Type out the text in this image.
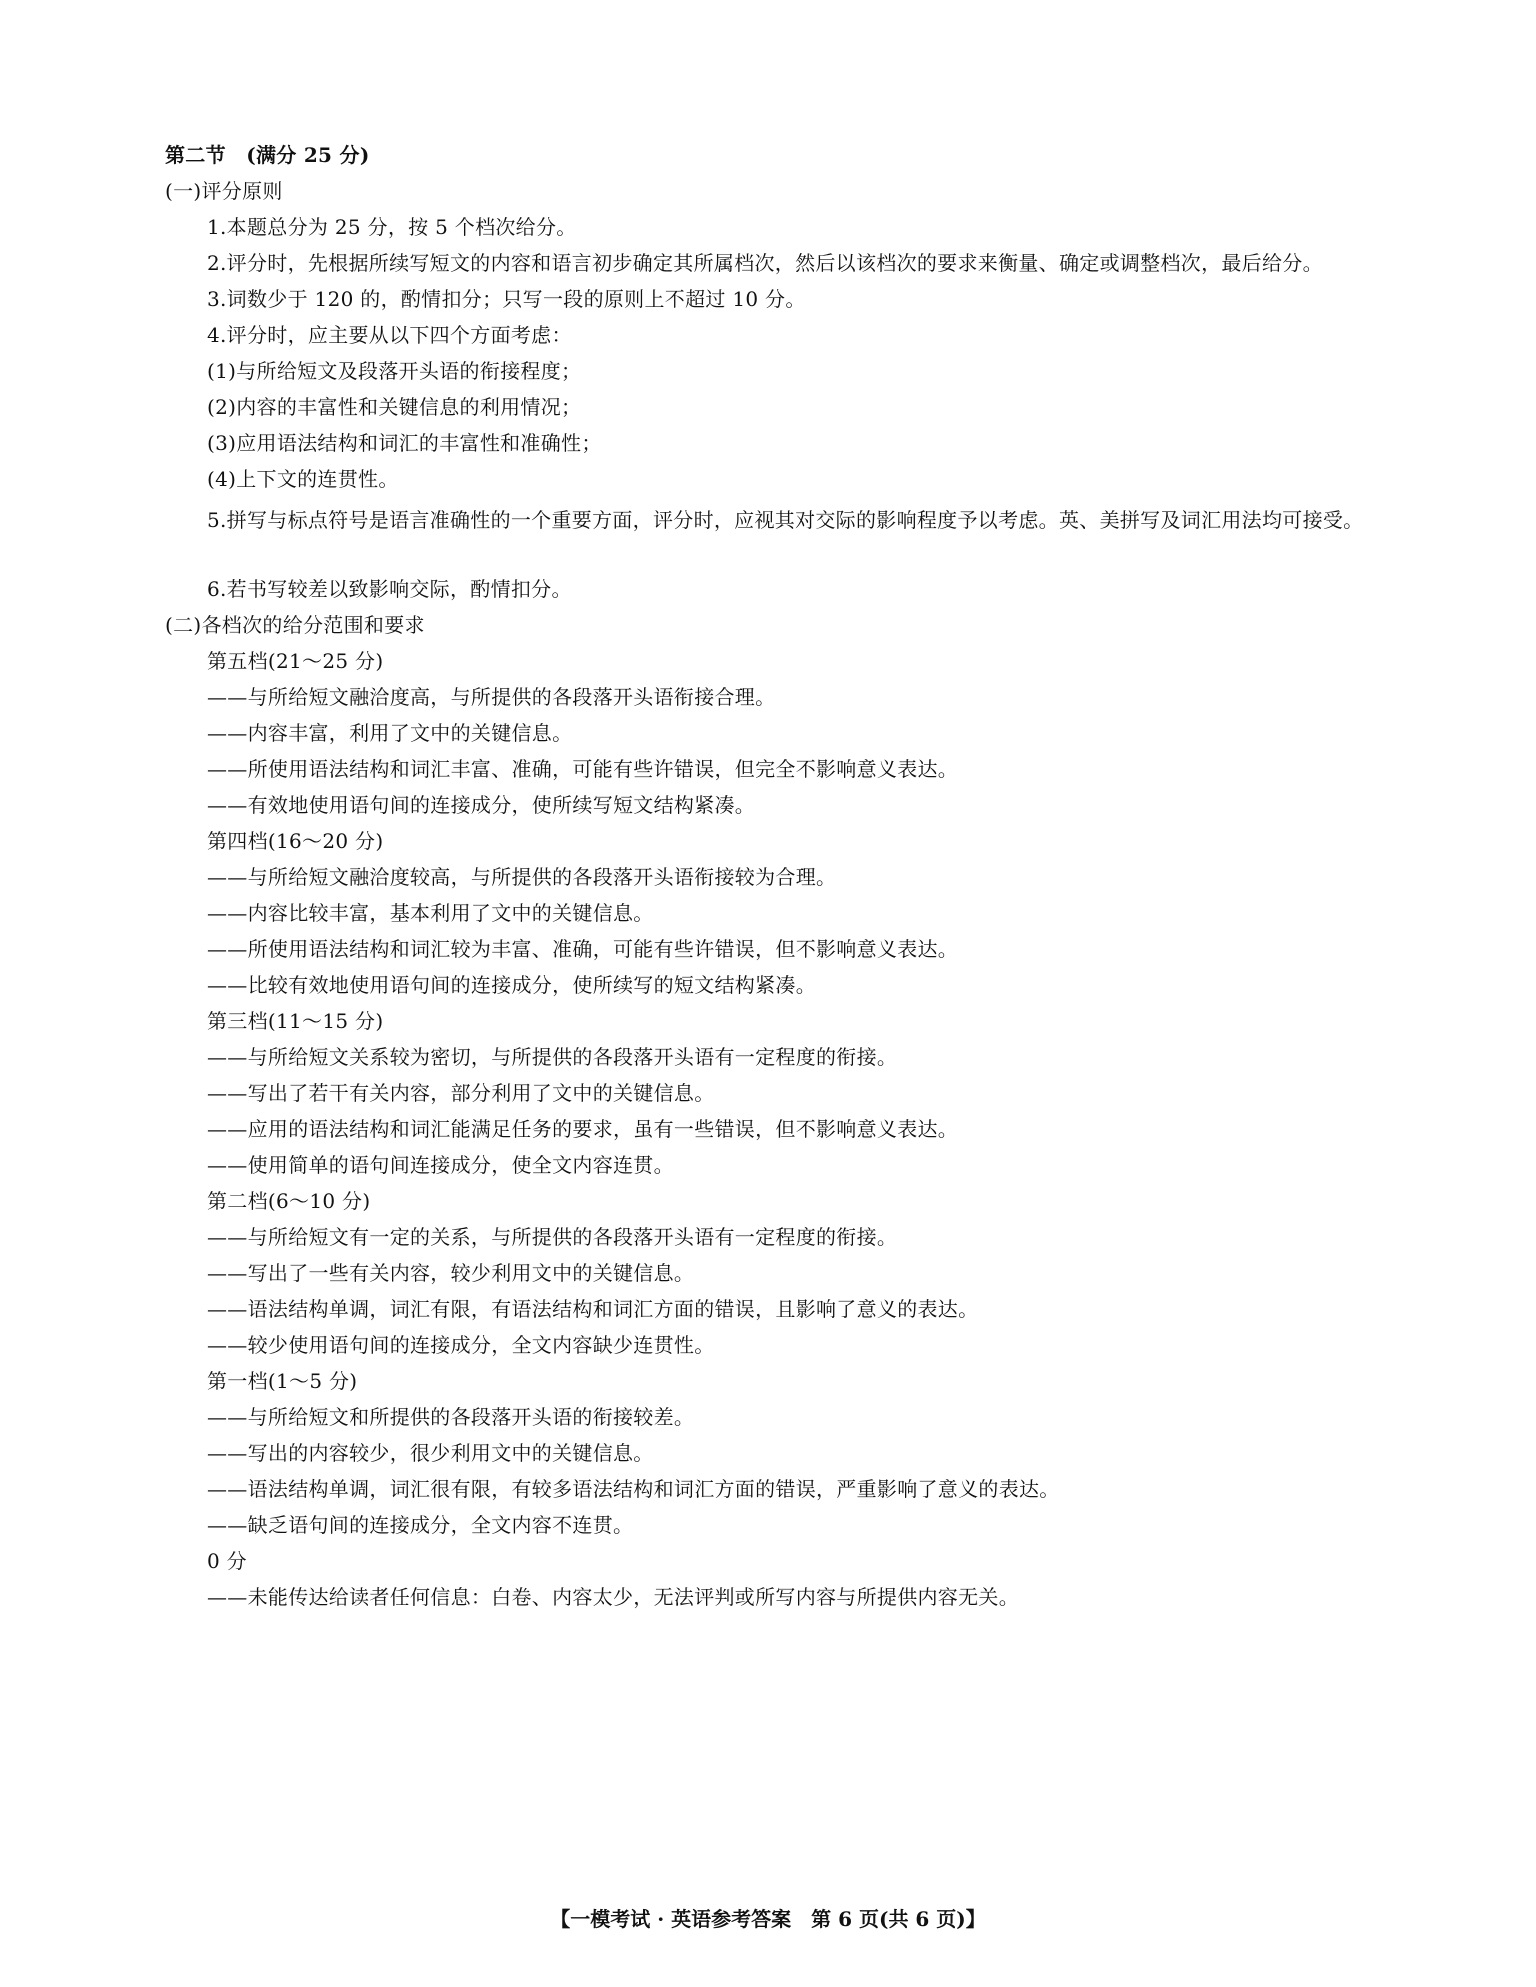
第二节　(满分 25 分)
(一)评分原则
1.本题总分为 25 分，按 5 个档次给分。
2.评分时，先根据所续写短文的内容和语言初步确定其所属档次，然后以该档次的要求来衡量、确定或调整档次，最后给分。
3.词数少于 120 的，酌情扣分；只写一段的原则上不超过 10 分。
4.评分时，应主要从以下四个方面考虑：
(1)与所给短文及段落开头语的衔接程度；
(2)内容的丰富性和关键信息的利用情况；
(3)应用语法结构和词汇的丰富性和准确性；
(4)上下文的连贯性。
5.拼写与标点符号是语言准确性的一个重要方面，评分时，应视其对交际的影响程度予以考虑。英、美拼写及词汇用法均可接受。
6.若书写较差以致影响交际，酌情扣分。
(二)各档次的给分范围和要求
第五档(21～25 分)
——与所给短文融洽度高，与所提供的各段落开头语衔接合理。
——内容丰富，利用了文中的关键信息。
——所使用语法结构和词汇丰富、准确，可能有些许错误，但完全不影响意义表达。
——有效地使用语句间的连接成分，使所续写短文结构紧凑。
第四档(16～20 分)
——与所给短文融洽度较高，与所提供的各段落开头语衔接较为合理。
——内容比较丰富，基本利用了文中的关键信息。
——所使用语法结构和词汇较为丰富、准确，可能有些许错误，但不影响意义表达。
——比较有效地使用语句间的连接成分，使所续写的短文结构紧凑。
第三档(11～15 分)
——与所给短文关系较为密切，与所提供的各段落开头语有一定程度的衔接。
——写出了若干有关内容，部分利用了文中的关键信息。
——应用的语法结构和词汇能满足任务的要求，虽有一些错误，但不影响意义表达。
——使用简单的语句间连接成分，使全文内容连贯。
第二档(6～10 分)
——与所给短文有一定的关系，与所提供的各段落开头语有一定程度的衔接。
——写出了一些有关内容，较少利用文中的关键信息。
——语法结构单调，词汇有限，有语法结构和词汇方面的错误，且影响了意义的表达。
——较少使用语句间的连接成分，全文内容缺少连贯性。
第一档(1～5 分)
——与所给短文和所提供的各段落开头语的衔接较差。
——写出的内容较少，很少利用文中的关键信息。
——语法结构单调，词汇很有限，有较多语法结构和词汇方面的错误，严重影响了意义的表达。
——缺乏语句间的连接成分，全文内容不连贯。
0 分
——未能传达给读者任何信息：白卷、内容太少，无法评判或所写内容与所提供内容无关。
【一模考试 · 英语参考答案　第 6 页(共 6 页)】
